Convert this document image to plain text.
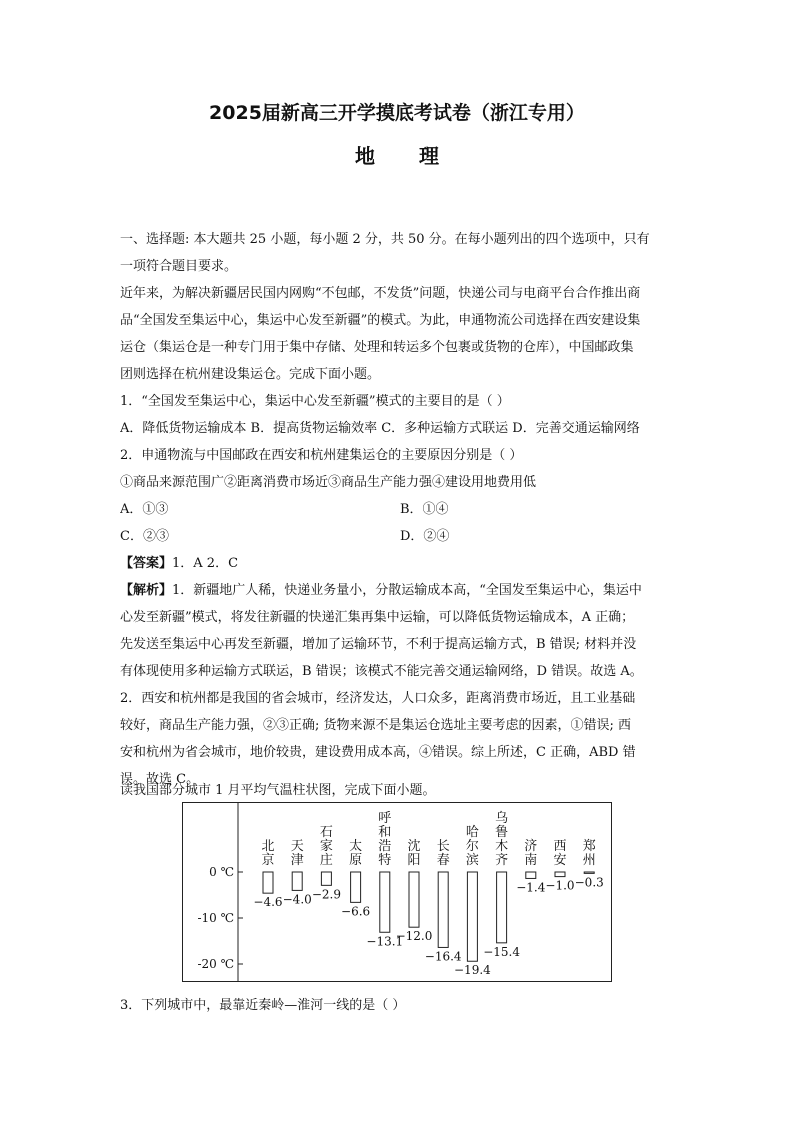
2025届新高三开学摸底考试卷（浙江专用）
地理
一、选择题: 本大题共 25 小题，每小题 2 分，共 50 分。在每小题列出的四个选项中，只有
一项符合题目要求。
近年来，为解决新疆居民国内网购“不包邮，不发货”问题，快递公司与电商平台合作推出商
品“全国发至集运中心，集运中心发至新疆”的模式。为此，申通物流公司选择在西安建设集
运仓（集运仓是一种专门用于集中存储、处理和转运多个包裹或货物的仓库），中国邮政集
团则选择在杭州建设集运仓。完成下面小题。
1．“全国发至集运中心，集运中心发至新疆”模式的主要目的是（ ）
A．降低货物运输成本 B．提高货物运输效率 C．多种运输方式联运 D．完善交通运输网络
2．申通物流与中国邮政在西安和杭州建集运仓的主要原因分别是（ ）
①商品来源范围广②距离消费市场近③商品生产能力强④建设用地费用低
A．①③	B．①④
C．②③	D．②④
【答案】1．A 2．C
【解析】1．新疆地广人稀，快递业务量小，分散运输成本高，“全国发至集运中心，集运中
心发至新疆”模式，将发往新疆的快递汇集再集中运输，可以降低货物运输成本，A 正确；
先发送至集运中心再发至新疆，增加了运输环节，不利于提高运输方式，B 错误; 材料并没
有体现使用多种运输方式联运，B 错误；该模式不能完善交通运输网络，D 错误。故选 A。
2．西安和杭州都是我国的省会城市，经济发达，人口众多，距离消费市场近，且工业基础
较好，商品生产能力强，②③正确; 货物来源不是集运仓选址主要考虑的因素，①错误; 西
安和杭州为省会城市，地价较贵，建设费用成本高，④错误。综上所述，C 正确，ABD 错
误。故选 C。
读我国部分城市 1 月平均气温柱状图，完成下面小题。
0 ℃
-10 ℃
-20 ℃
北京
−4.6
天津
−4.0
石家庄
−2.9
太原
−6.6
呼和浩特
−13.1
沈阳
−12.0
长春
−16.4
哈尔滨
−19.4
乌鲁木齐
−15.4
济南
−1.4
西安
−1.0
郑州
−0.3
3．下列城市中，最靠近秦岭—淮河一线的是（ ）
